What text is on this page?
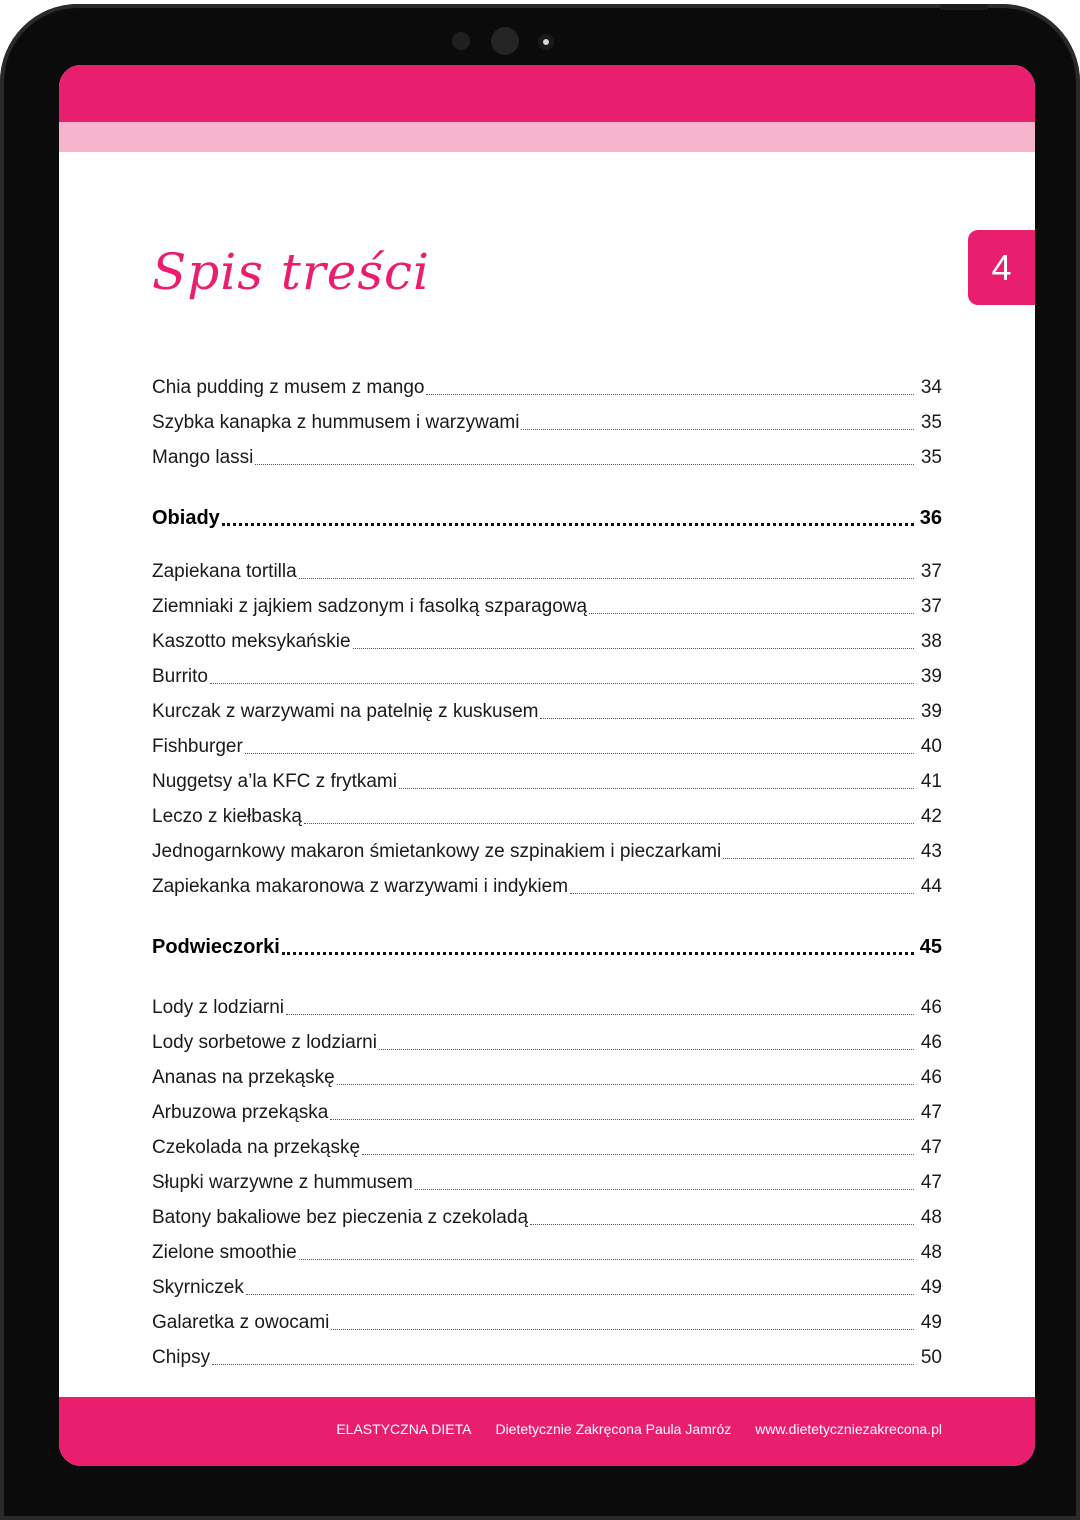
4
Spis treści
Chia pudding z musem z mango	34
Szybka kanapka z hummusem i warzywami	35
Mango lassi	35
Obiady	36
Zapiekana tortilla	37
Ziemniaki z jajkiem sadzonym i fasolką szparagową	37
Kaszotto meksykańskie	38
Burrito	39
Kurczak z warzywami na patelnię z kuskusem	39
Fishburger	40
Nuggetsy a’la KFC z frytkami	41
Leczo z kiełbaską	42
Jednogarnkowy makaron śmietankowy ze szpinakiem i pieczarkami	43
Zapiekanka makaronowa z warzywami i indykiem	44
Podwieczorki	45
Lody z lodziarni	46
Lody sorbetowe z lodziarni	46
Ananas na przekąskę	46
Arbuzowa przekąska	47
Czekolada na przekąskę	47
Słupki warzywne z hummusem	47
Batony bakaliowe bez pieczenia z czekoladą	48
Zielone smoothie	48
Skyrniczek	49
Galaretka z owocami	49
Chipsy	50
ELASTYCZNA DIETA Dietetycznie Zakręcona Paula Jamróz www.dietetyczniezakrecona.pl
